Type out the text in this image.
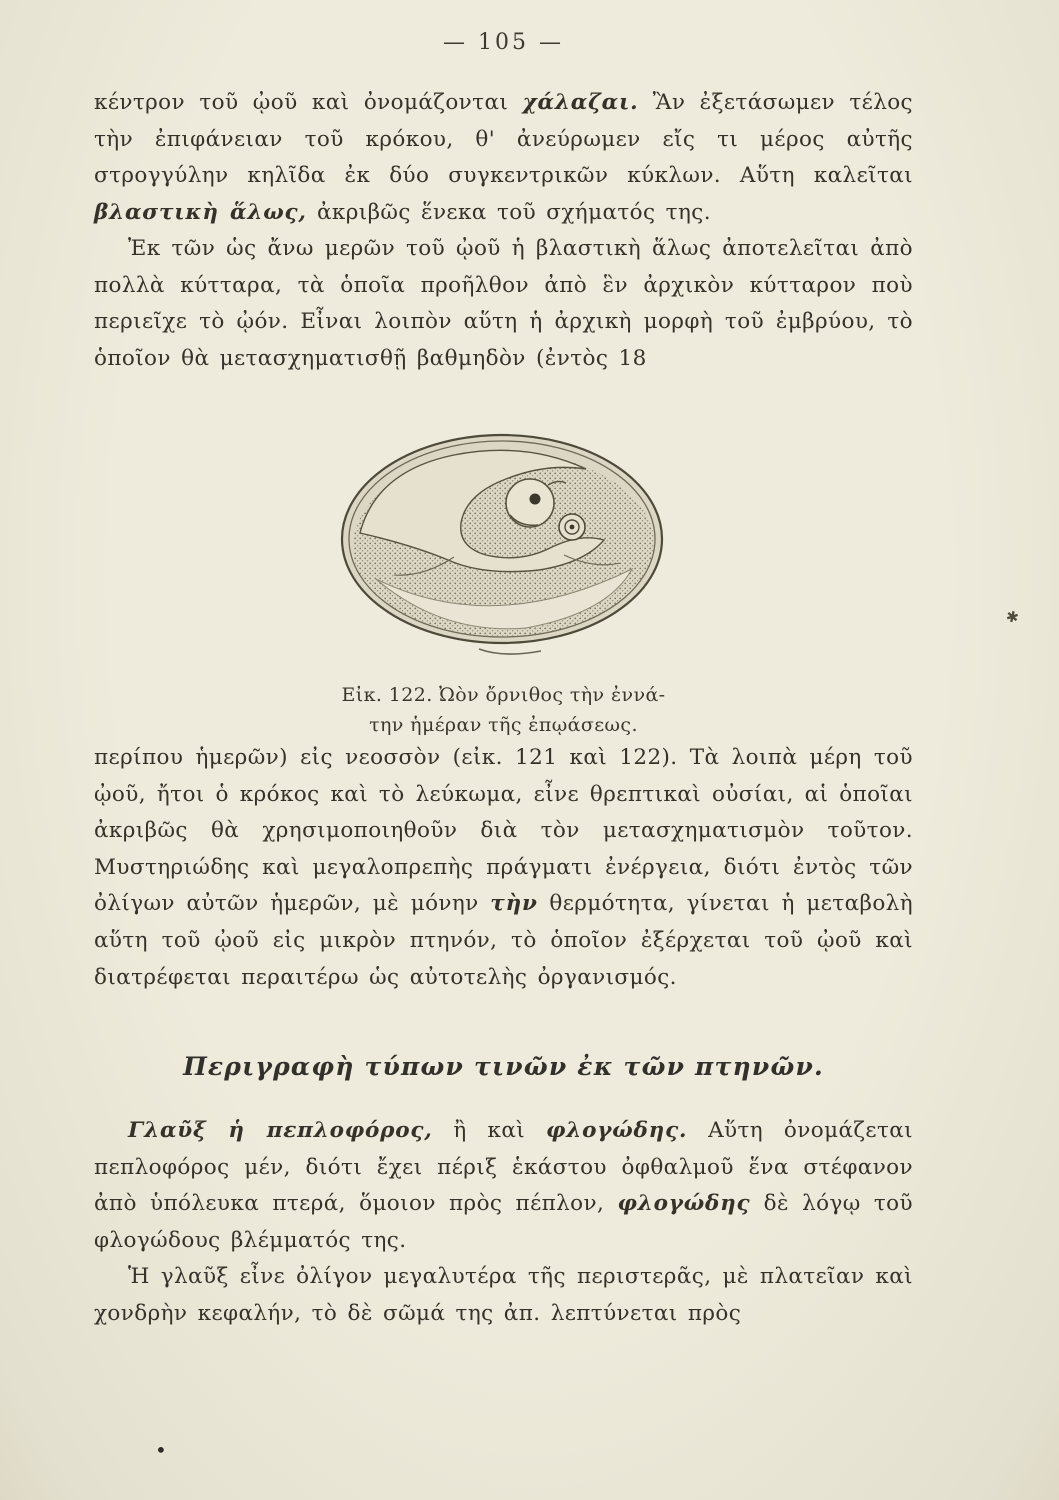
— 105 —

κέντρον τοῦ ᾠοῦ καὶ ὀνομάζονται χάλαζαι. Ἂν ἐξετάσωμεν τέλος τὴν ἐπιφάνειαν τοῦ κρόκου, θ' ἀνεύρωμεν εἴς τι μέρος αὐτῆς στρογγύλην κηλῖδα ἐκ δύο συγκεντρικῶν κύκλων. Αὕτη καλεῖται βλαστικὴ ἅλως, ἀκριβῶς ἕνεκα τοῦ σχήματός της.

Ἐκ τῶν ὡς ἄνω μερῶν τοῦ ᾠοῦ ἡ βλαστικὴ ἅλως ἀποτελεῖται ἀπὸ πολλὰ κύτταρα, τὰ ὁποῖα προῆλθον ἀπὸ ἓν ἀρχικὸν κύτταρον ποὺ περιεῖχε τὸ ᾠόν. Εἶναι λοιπὸν αὕτη ἡ ἀρχικὴ μορφὴ τοῦ ἐμβρύου, τὸ ὁποῖον θὰ μετασχηματισθῇ βαθμηδὸν (ἐντὸς 18

Εἰκ. 122. Ὠὸν ὄρνιθος τὴν ἐννά-
την ἡμέραν τῆς ἐπῳάσεως.

περίπου ἡμερῶν) εἰς νεοσσὸν (εἰκ. 121 καὶ 122). Τὰ λοιπὰ μέρη τοῦ ᾠοῦ, ἤτοι ὁ κρόκος καὶ τὸ λεύκωμα, εἶνε θρεπτικαὶ οὐσίαι, αἱ ὁποῖαι ἀκριβῶς θὰ χρησιμοποιηθοῦν διὰ τὸν μετασχηματισμὸν τοῦτον. Μυστηριώδης καὶ μεγαλοπρεπὴς πράγματι ἐνέργεια, διότι ἐντὸς τῶν ὀλίγων αὐτῶν ἡμερῶν, μὲ μόνην τὴν θερμότητα, γίνεται ἡ μεταβολὴ αὕτη τοῦ ᾠοῦ εἰς μικρὸν πτηνόν, τὸ ὁποῖον ἐξέρχεται τοῦ ᾠοῦ καὶ διατρέφεται περαιτέρω ὡς αὐτοτελὴς ὀργανισμός.

Περιγραφὴ τύπων τινῶν ἐκ τῶν πτηνῶν.

Γλαῦξ ἡ πεπλοφόρος, ἢ καὶ φλογώδης. Αὕτη ὀνομάζεται πεπλοφόρος μέν, διότι ἔχει πέριξ ἑκάστου ὀφθαλμοῦ ἕνα στέφανον ἀπὸ ὑπόλευκα πτερά, ὅμοιον πρὸς πέπλον, φλογώδης δὲ λόγῳ τοῦ φλογώδους βλέμματός της.

Ἡ γλαῦξ εἶνε ὀλίγον μεγαλυτέρα τῆς περιστερᾶς, μὲ πλατεῖαν καὶ χονδρὴν κεφαλήν, τὸ δὲ σῶμά της ἀπ. λεπτύνεται πρὸς

✱
•
